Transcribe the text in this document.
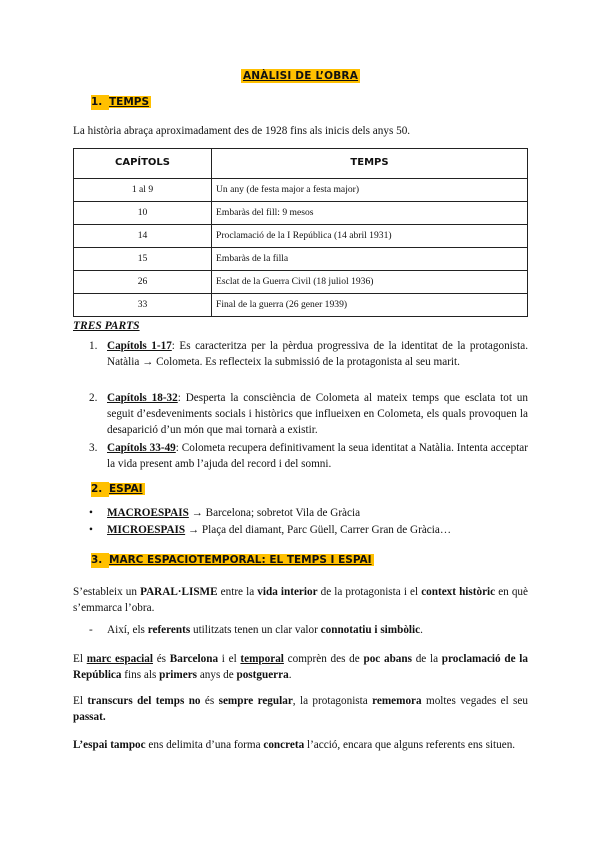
ANÀLISI DE L’OBRA
1. TEMPS
La història abraça aproximadament des de 1928 fins als inicis dels anys 50.
CAPÍTOLS	TEMPS
1 al 9	Un any (de festa major a festa major)
10	Embaràs del fill: 9 mesos
14	Proclamació de la I República (14 abril 1931)
15	Embaràs de la filla
26	Esclat de la Guerra Civil (18 juliol 1936)
33	Final de la guerra (26 gener 1939)
TRES PARTS
1. Capítols 1-17: Es caracteritza per la pèrdua progressiva de la identitat de la protagonista. Natàlia → Colometa. Es reflecteix la submissió de la protagonista al seu marit.
2. Capítols 18-32: Desperta la consciència de Colometa al mateix temps que esclata tot un seguit d’esdeveniments socials i històrics que influeixen en Colometa, els quals provoquen la desaparició d’un món que mai tornarà a existir.
3. Capítols 33-49: Colometa recupera definitivament la seua identitat a Natàlia. Intenta acceptar la vida present amb l’ajuda del record i del somni.
2. ESPAI
• MACROESPAIS → Barcelona; sobretot Vila de Gràcia
• MICROESPAIS → Plaça del diamant, Parc Güell, Carrer Gran de Gràcia…
3. MARC ESPACIOTEMPORAL: EL TEMPS I ESPAI
S’estableix un PARAL·LISME entre la vida interior de la protagonista i el context històric en què s’emmarca l’obra.
- Així, els referents utilitzats tenen un clar valor connotatiu i simbòlic.
El marc espacial és Barcelona i el temporal comprèn des de poc abans de la proclamació de la República fins als primers anys de postguerra.
El transcurs del temps no és sempre regular, la protagonista rememora moltes vegades el seu passat.
L’espai tampoc ens delimita d’una forma concreta l’acció, encara que alguns referents ens situen.
